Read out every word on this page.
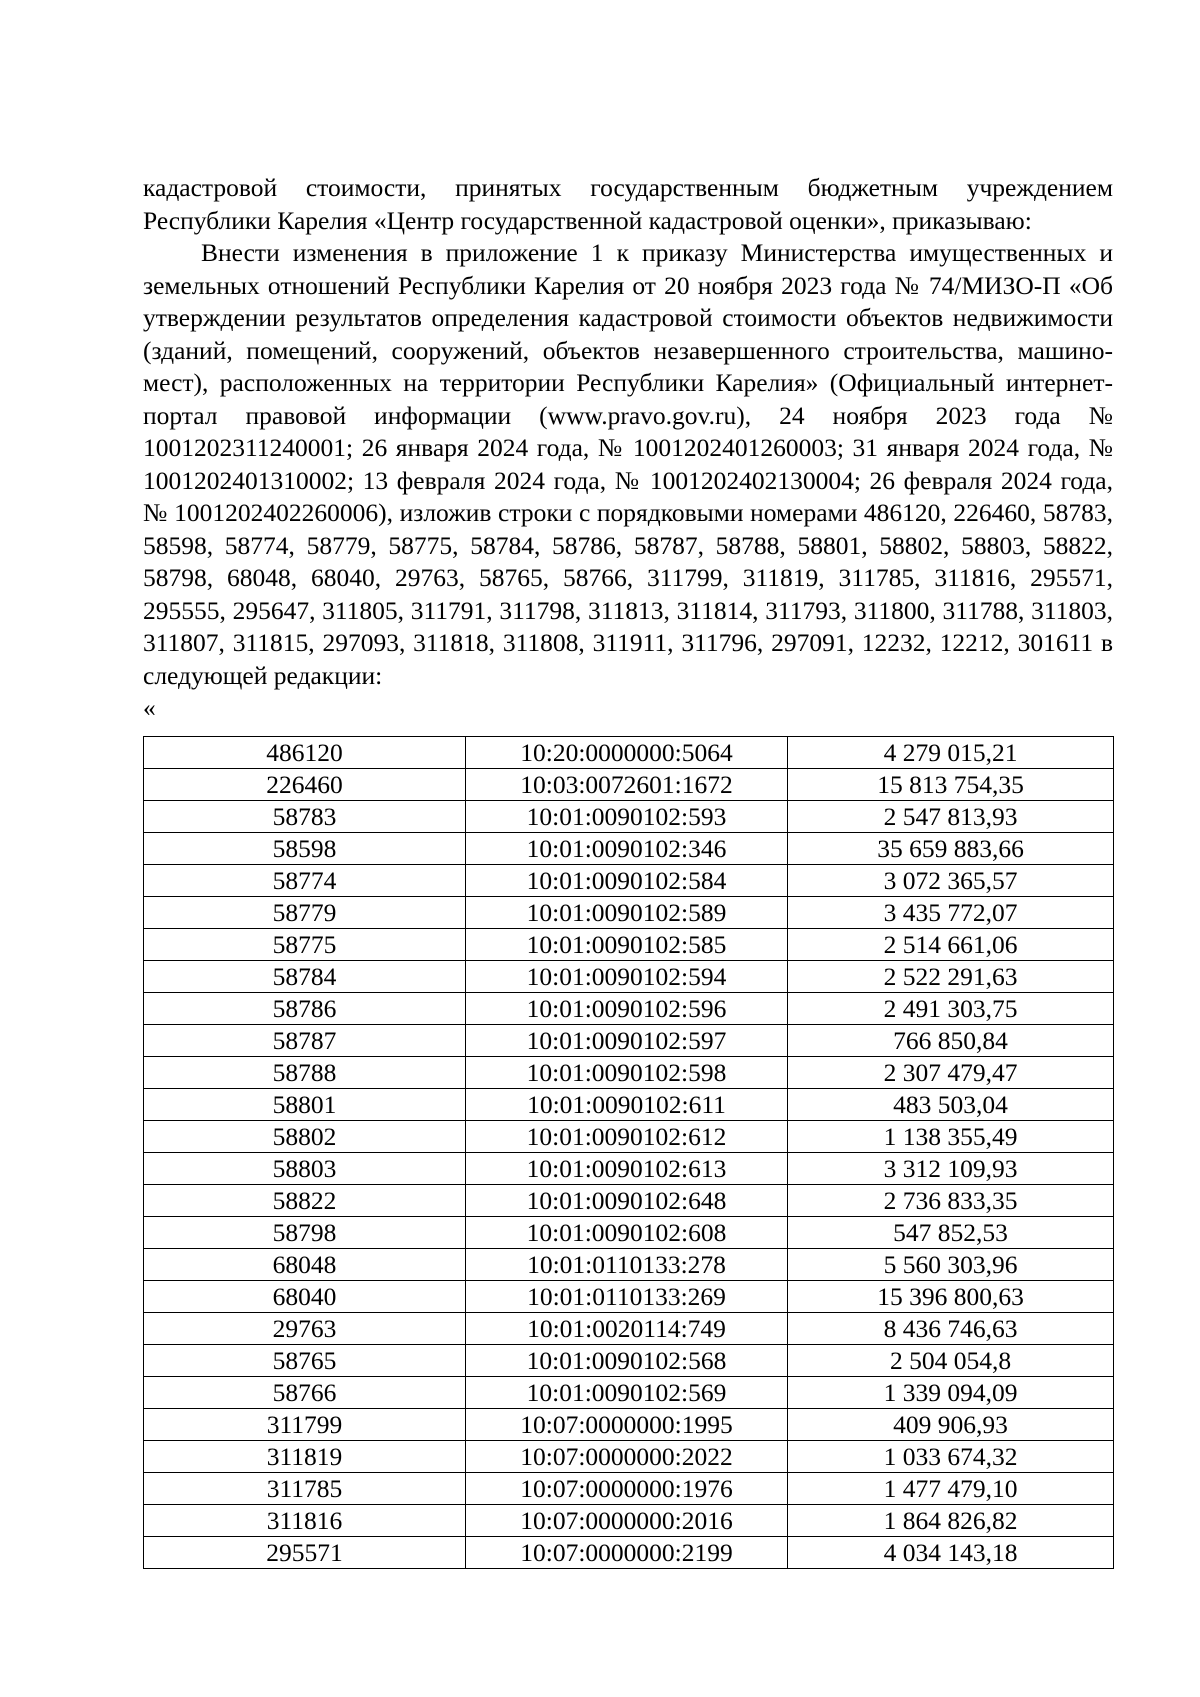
кадастровой стоимости, принятых государственным бюджетным учреждением Республики Карелия «Центр государственной кадастровой оценки», приказываю:

Внести изменения в приложение 1 к приказу Министерства имущественных и земельных отношений Республики Карелия от 20 ноября 2023 года № 74/МИЗО-П «Об утверждении результатов определения кадастровой стоимости объектов недвижимости (зданий, помещений, сооружений, объектов незавершенного строительства, машино-мест), расположенных на территории Республики Карелия» (Официальный интернет-портал правовой информации (www.pravo.gov.ru), 24 ноября 2023 года № 1001202311240001; 26 января 2024 года, № 1001202401260003; 31 января 2024 года, № 1001202401310002; 13 февраля 2024 года, № 1001202402130004; 26 февраля 2024 года, № 1001202402260006), изложив строки с порядковыми номерами 486120, 226460, 58783, 58598, 58774, 58779, 58775, 58784, 58786, 58787, 58788, 58801, 58802, 58803, 58822, 58798, 68048, 68040, 29763, 58765, 58766, 311799, 311819, 311785, 311816, 295571, 295555, 295647, 311805, 311791, 311798, 311813, 311814, 311793, 311800, 311788, 311803, 311807, 311815, 297093, 311818, 311808, 311911, 311796, 297091, 12232, 12212, 301611 в следующей редакции:

«

486120	10:20:0000000:5064	4 279 015,21
226460	10:03:0072601:1672	15 813 754,35
58783	10:01:0090102:593	2 547 813,93
58598	10:01:0090102:346	35 659 883,66
58774	10:01:0090102:584	3 072 365,57
58779	10:01:0090102:589	3 435 772,07
58775	10:01:0090102:585	2 514 661,06
58784	10:01:0090102:594	2 522 291,63
58786	10:01:0090102:596	2 491 303,75
58787	10:01:0090102:597	766 850,84
58788	10:01:0090102:598	2 307 479,47
58801	10:01:0090102:611	483 503,04
58802	10:01:0090102:612	1 138 355,49
58803	10:01:0090102:613	3 312 109,93
58822	10:01:0090102:648	2 736 833,35
58798	10:01:0090102:608	547 852,53
68048	10:01:0110133:278	5 560 303,96
68040	10:01:0110133:269	15 396 800,63
29763	10:01:0020114:749	8 436 746,63
58765	10:01:0090102:568	2 504 054,8
58766	10:01:0090102:569	1 339 094,09
311799	10:07:0000000:1995	409 906,93
311819	10:07:0000000:2022	1 033 674,32
311785	10:07:0000000:1976	1 477 479,10
311816	10:07:0000000:2016	1 864 826,82
295571	10:07:0000000:2199	4 034 143,18
